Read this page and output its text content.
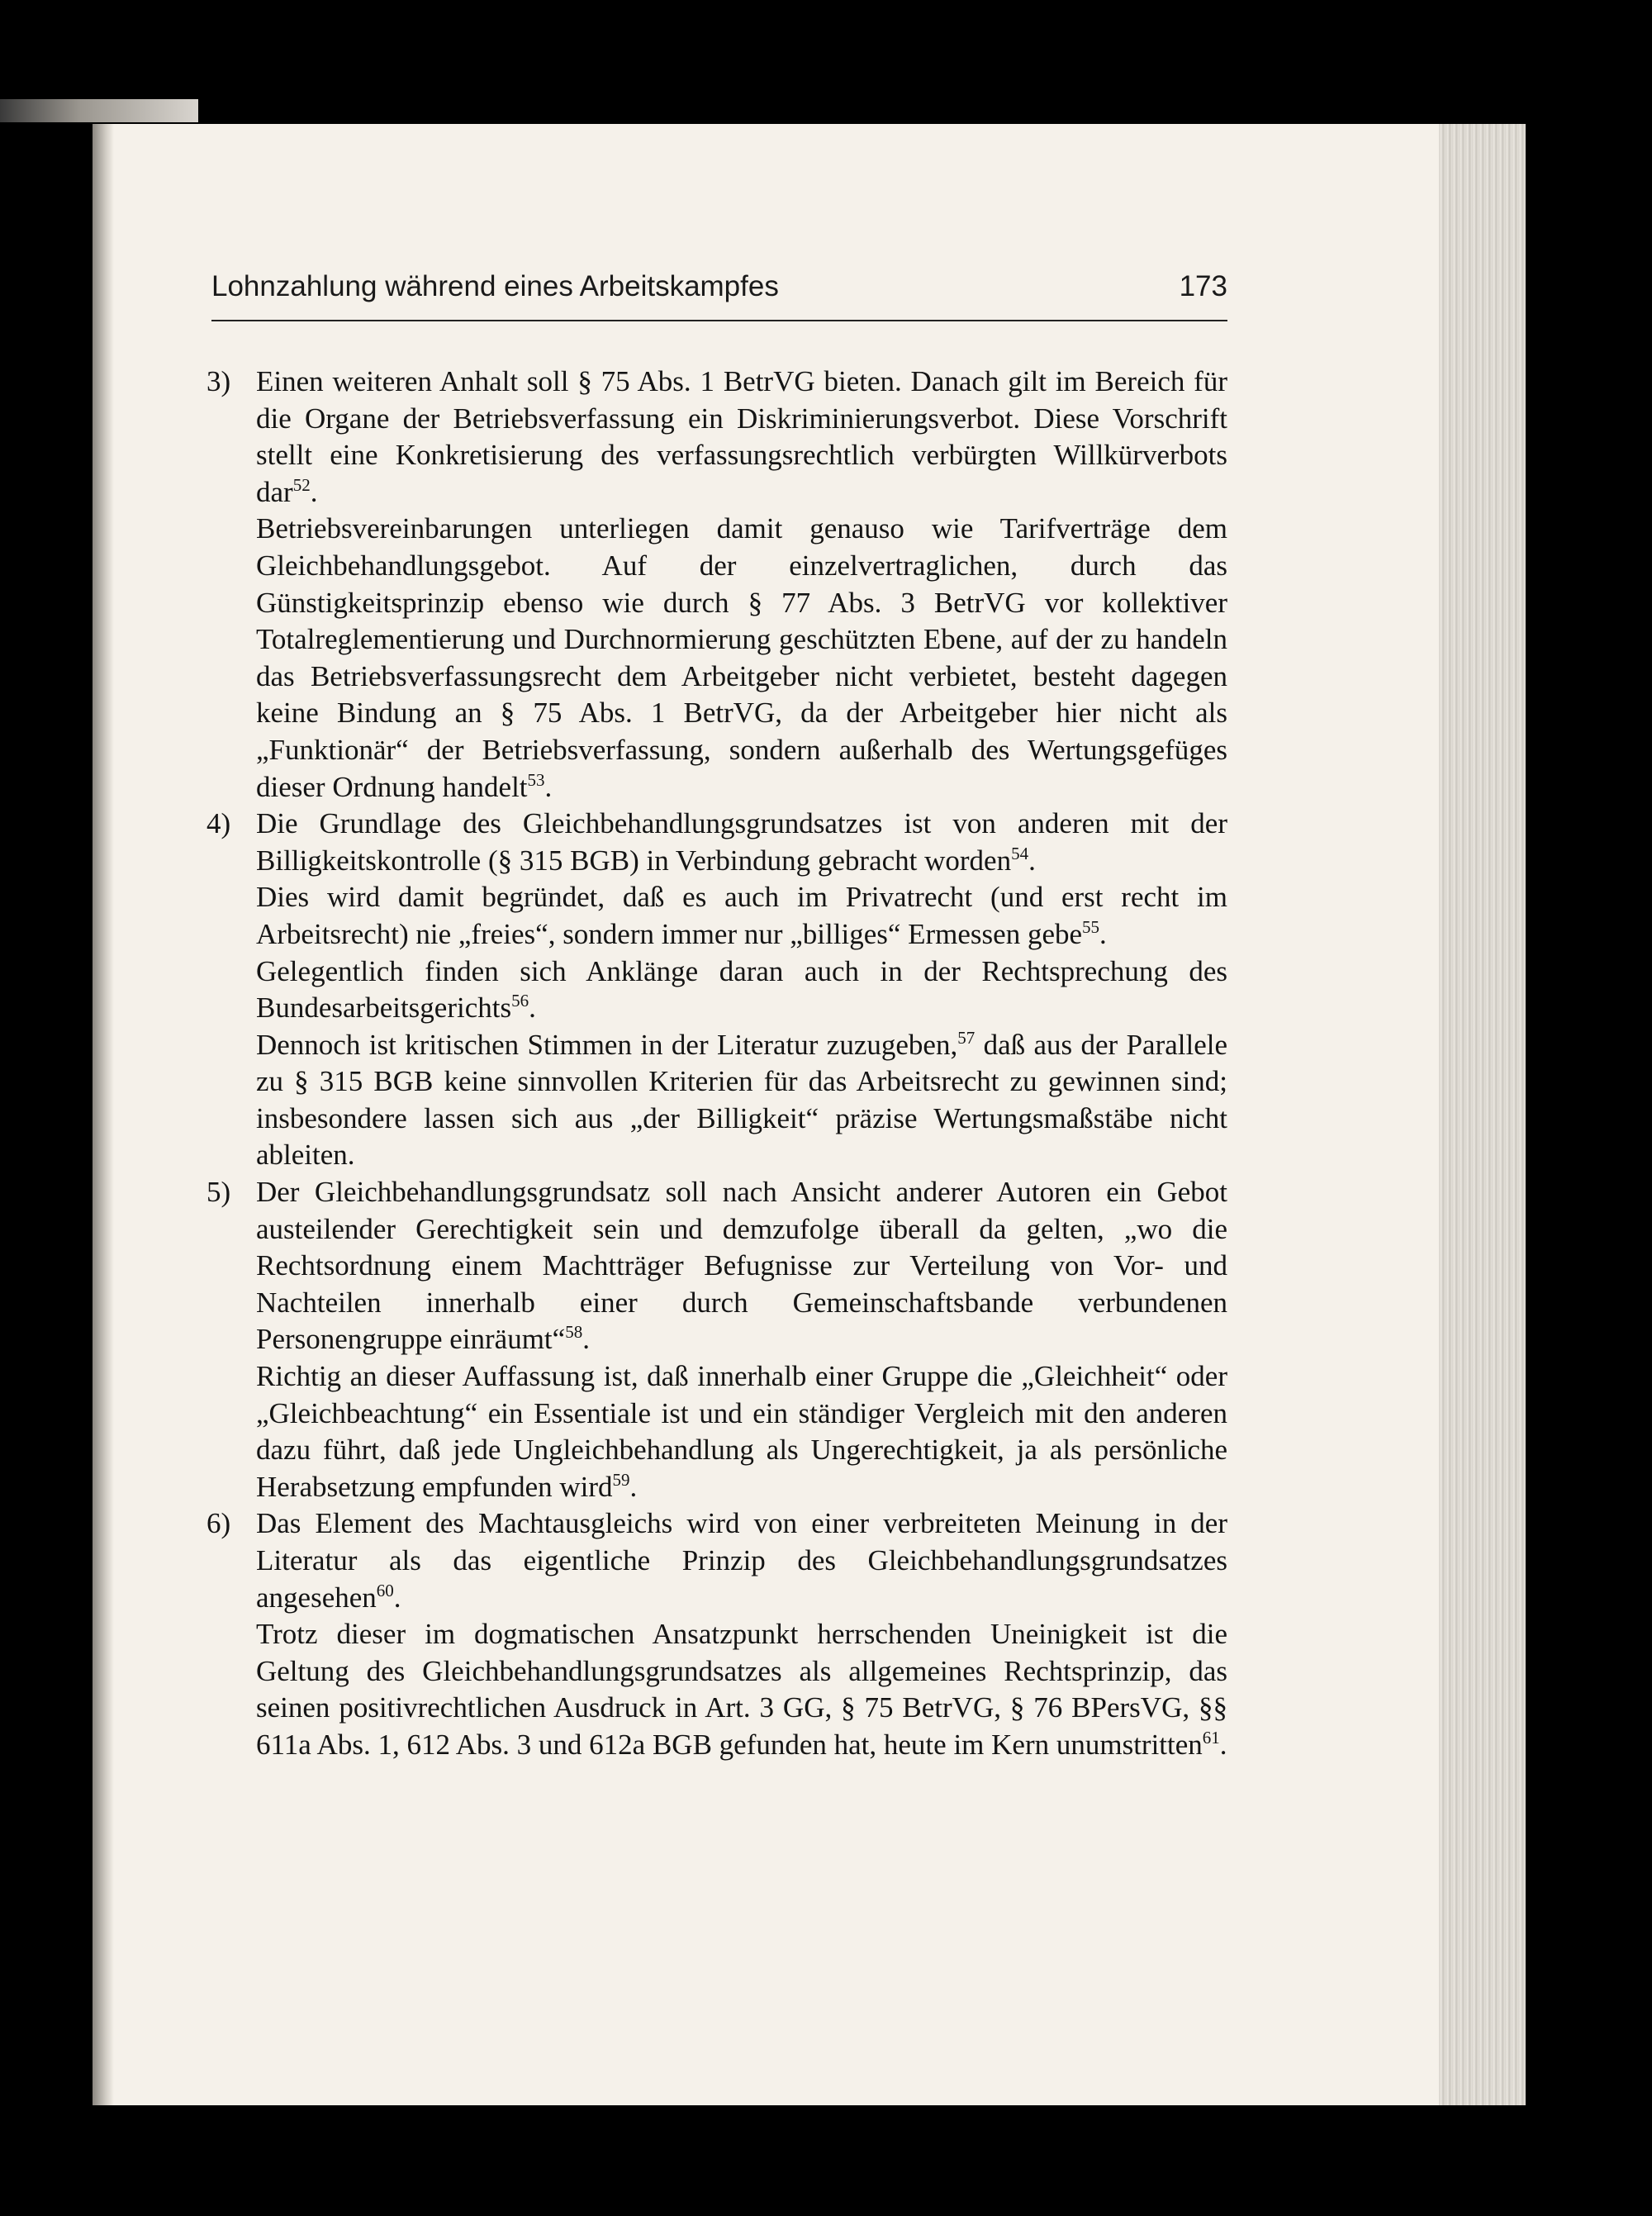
Lohnzahlung während eines Arbeitskampfes	173
3) Einen weiteren Anhalt soll § 75 Abs. 1 BetrVG bieten. Danach gilt im Bereich für die Organe der Betriebsverfassung ein Diskriminierungsverbot. Diese Vorschrift stellt eine Konkretisierung des verfassungsrechtlich verbürgten Willkürverbots dar$^{52}$.

Betriebsvereinbarungen unterliegen damit genauso wie Tarifverträge dem Gleichbehandlungsgebot. Auf der einzelvertraglichen, durch das Günstigkeitsprinzip ebenso wie durch § 77 Abs. 3 BetrVG vor kollektiver Totalreglementierung und Durchnormierung geschützten Ebene, auf der zu handeln das Betriebsverfassungsrecht dem Arbeitgeber nicht verbietet, besteht dagegen keine Bindung an § 75 Abs. 1 BetrVG, da der Arbeitgeber hier nicht als „Funktionär“ der Betriebsverfassung, sondern außerhalb des Wertungsgefüges dieser Ordnung handelt$^{53}$.

4) Die Grundlage des Gleichbehandlungsgrundsatzes ist von anderen mit der Billigkeitskontrolle (§ 315 BGB) in Verbindung gebracht worden$^{54}$.

Dies wird damit begründet, daß es auch im Privatrecht (und erst recht im Arbeitsrecht) nie „freies“, sondern immer nur „billiges“ Ermessen gebe$^{55}$.

Gelegentlich finden sich Anklänge daran auch in der Rechtsprechung des Bundesarbeitsgerichts$^{56}$.

Dennoch ist kritischen Stimmen in der Literatur zuzugeben,$^{57}$ daß aus der Parallele zu § 315 BGB keine sinnvollen Kriterien für das Arbeitsrecht zu gewinnen sind; insbesondere lassen sich aus „der Billigkeit“ präzise Wertungsmaßstäbe nicht ableiten.

5) Der Gleichbehandlungsgrundsatz soll nach Ansicht anderer Autoren ein Gebot austeilender Gerechtigkeit sein und demzufolge überall da gelten, „wo die Rechtsordnung einem Machtträger Befugnisse zur Verteilung von Vor- und Nachteilen innerhalb einer durch Gemeinschaftsbande verbundenen Personengruppe einräumt“$^{58}$.

Richtig an dieser Auffassung ist, daß innerhalb einer Gruppe die „Gleichheit“ oder „Gleichbeachtung“ ein Essentiale ist und ein ständiger Vergleich mit den anderen dazu führt, daß jede Ungleichbehandlung als Ungerechtigkeit, ja als persönliche Herabsetzung empfunden wird$^{59}$.

6) Das Element des Machtausgleichs wird von einer verbreiteten Meinung in der Literatur als das eigentliche Prinzip des Gleichbehandlungsgrundsatzes angesehen$^{60}$.

Trotz dieser im dogmatischen Ansatzpunkt herrschenden Uneinigkeit ist die Geltung des Gleichbehandlungsgrundsatzes als allgemeines Rechtsprinzip, das seinen positivrechtlichen Ausdruck in Art. 3 GG, § 75 BetrVG, § 76 BPersVG, §§ 611a Abs. 1, 612 Abs. 3 und 612a BGB gefunden hat, heute im Kern unumstritten$^{61}$.
